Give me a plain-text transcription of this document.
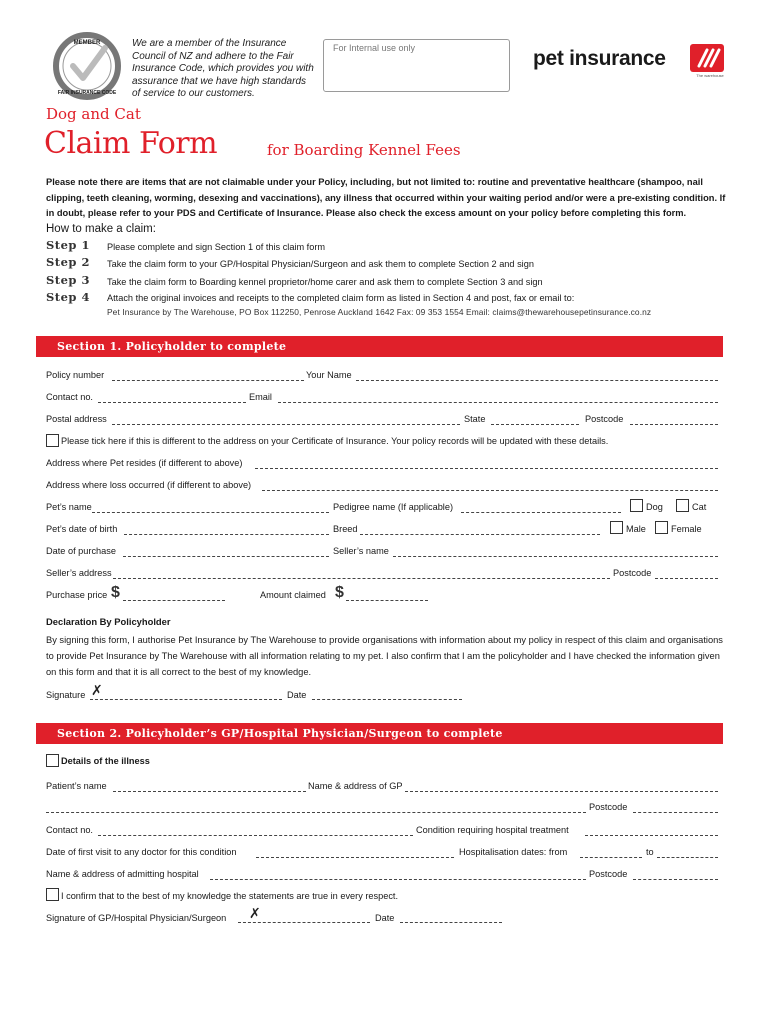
MEMBER
FAIR INSURANCE CODE
We are a member of the Insurance Council of NZ and adhere to the Fair Insurance Code, which provides you with assurance that we have high standards of service to our customers.
For Internal use only	pet insurance
The warehouse
Dog and Cat
Claim Form	for Boarding Kennel Fees
Please note there are items that are not claimable under your Policy, including, but not limited to: routine and preventative healthcare (shampoo, nail clipping, teeth cleaning, worming, desexing and vaccinations), any illness that occurred within your waiting period and/or were a pre-existing condition. If in doubt, please refer to your PDS and Certificate of Insurance. Please also check the excess amount on your policy before completing this form.
How to make a claim:
Step 1 Please complete and sign Section 1 of this claim form
Step 2 Take the claim form to your GP/Hospital Physician/Surgeon and ask them to complete Section 2 and sign
Step 3 Take the claim form to Boarding kennel proprietor/home carer and ask them to complete Section 3 and sign
Step 4 Attach the original invoices and receipts to the completed claim form as listed in Section 4 and post, fax or email to:
Pet Insurance by The Warehouse, PO Box 112250, Penrose Auckland 1642 Fax: 09 353 1554 Email: claims@thewarehousepetinsurance.co.nz
Section 1. Policyholder to complete
Policy number	Your Name
Contact no.	Email
Postal address	State	Postcode
Please tick here if this is different to the address on your Certificate of Insurance. Your policy records will be updated with these details.
Address where Pet resides (if different to above)
Address where loss occurred (if different to above)
Pet’s name	Pedigree name (If applicable)	Dog	Cat
Pet’s date of birth	Breed	Male	Female
Date of purchase	Seller’s name
Seller’s address	Postcode
Purchase price $	Amount claimed $
Declaration By Policyholder
By signing this form, I authorise Pet Insurance by The Warehouse to provide organisations with information about my policy in respect of this claim and organisations to provide Pet Insurance by The Warehouse with all information relating to my pet. I also confirm that I am the policyholder and I have checked the information given on this form and that it is all correct to the best of my knowledge.
Signature ✗	Date
Section 2. Policyholder’s GP/Hospital Physician/Surgeon to complete
Details of the illness
Patient’s name	Name & address of GP
Postcode
Contact no.	Condition requiring hospital treatment
Date of first visit to any doctor for this condition	Hospitalisation dates: from	to
Name & address of admitting hospital	Postcode
I confirm that to the best of my knowledge the statements are true in every respect.
Signature of GP/Hospital Physician/Surgeon ✗	Date
